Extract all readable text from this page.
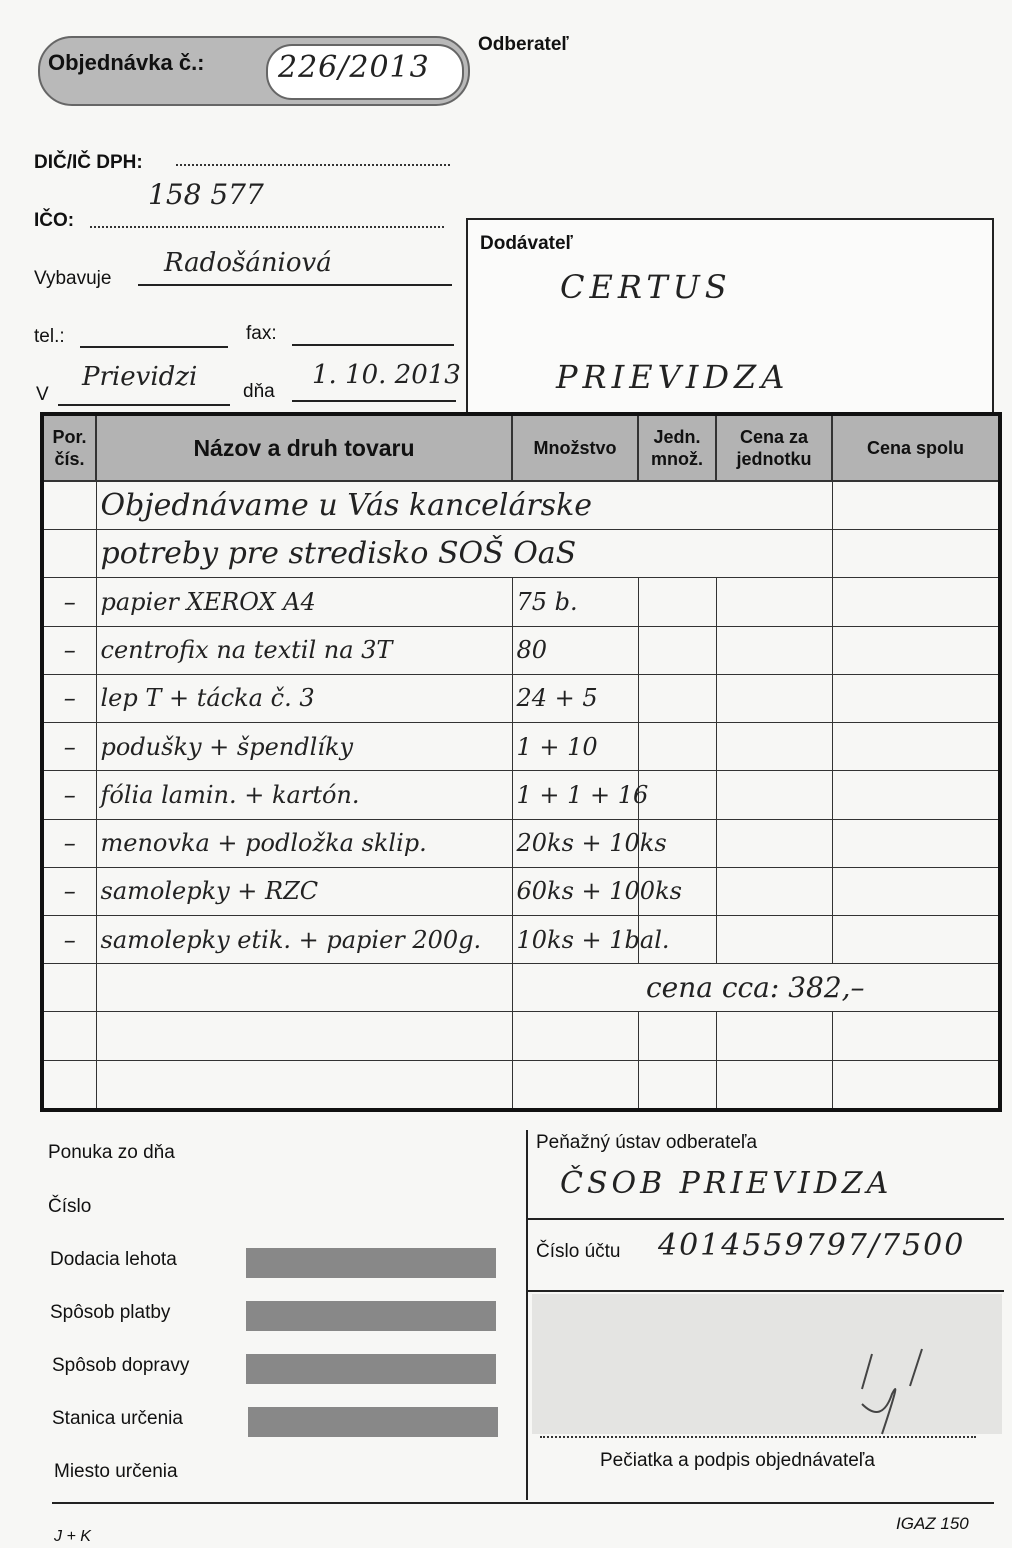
Objednávka č.: 226/2013
Odberateľ
DIČ/IČ DPH:
158 577
IČO:
Vybavuje
Radošániová
tel.:	fax:
V
Prievidzi dňa
1. 10. 2013
Dodávateľ
CERTUS
PRIEVIDZA
Por. čís.	Názov a druh tovaru	Množstvo	Jedn. množ.	Cena za jednotku	Cena spolu
	Objednávame u Vás kancelárske				
	potreby pre stredisko SOŠ OaS				
–	papier XEROX A4	75 b.			
–	centrofix na textil na 3T	80			
–	lep T + tácka č. 3	24 + 5			
–	podušky + špendlíky	1 + 10			
–	fólia lamin. + kartón.	1 + 1 + 16			
–	menovka + podložka sklip.	20ks + 10ks			
–	samolepky + RZC	60ks + 100ks			
–	samolepky etik. + papier 200g.	10ks + 1bal.			
		cena cca: 382,–			

Ponuka zo dňa
Číslo
Dodacia lehota
Spôsob platby
Spôsob dopravy
Stanica určenia
Miesto určenia
Peňažný ústav odberateľa
ČSOB PRIEVIDZA
Číslo účtu 4014559797/7500
Pečiatka a podpis objednávateľa
J + K
IGAZ 150
